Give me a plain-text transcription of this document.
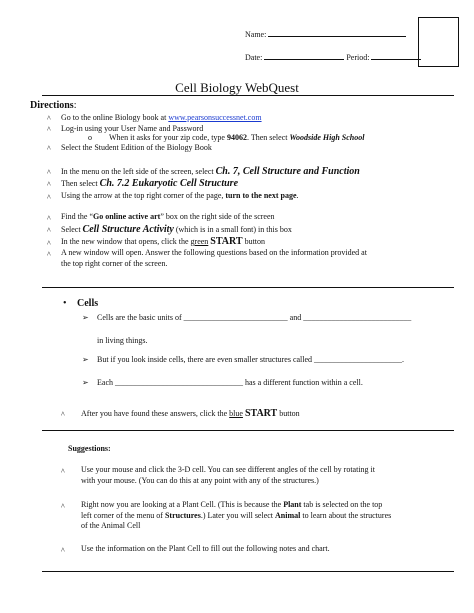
Name:
Date:	Period:
Cell Biology WebQuest
Directions:
^ Go to the online Biology book at www.pearsonsuccessnet.com
^ Log-in using your User Name and Password
o When it asks for your zip code, type 94062. Then select Woodside High School
^ Select the Student Edition of the Biology Book
^ In the menu on the left side of the screen, select Ch. 7, Cell Structure and Function
^ Then select Ch. 7.2 Eukaryotic Cell Structure
^ Using the arrow at the top right corner of the page, turn to the next page.
^ Find the “Go online active art” box on the right side of the screen
^ Select Cell Structure Activity (which is in a small font) in this box
^ In the new window that opens, click the green START button
^ A new window will open. Answer the following questions based on the information provided at
the top right corner of the screen.
• Cells
➢ Cells are the basic units of __________________________ and ___________________________
in living things.
➢ But if you look inside cells, there are even smaller structures called ______________________.
➢ Each ________________________________ has a different function within a cell.
^ After you have found these answers, click the blue START button
Suggestions:
^ Use your mouse and click the 3-D cell. You can see different angles of the cell by rotating it
with your mouse. (You can do this at any point with any of the structures.)
^ Right now you are looking at a Plant Cell. (This is because the Plant tab is selected on the top
left corner of the menu of Structures.) Later you will select Animal to learn about the structures
of the Animal Cell
^ Use the information on the Plant Cell to fill out the following notes and chart.
